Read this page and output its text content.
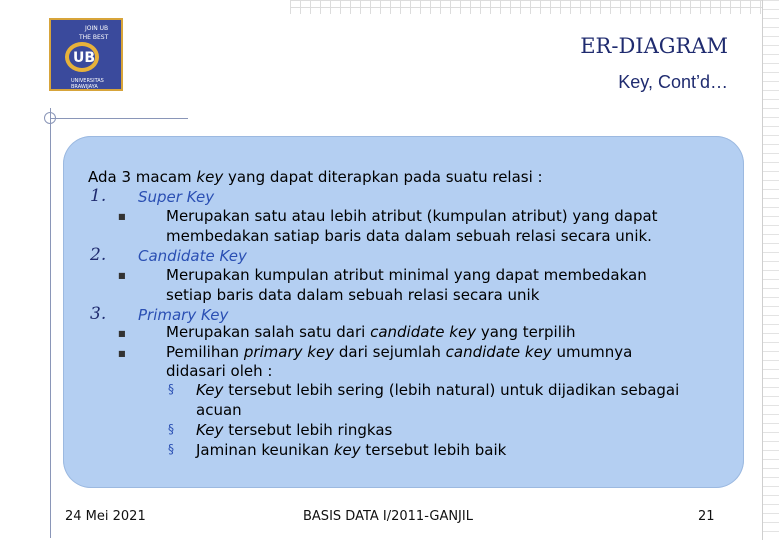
JOIN UB
THE BEST
UB
UNIVERSITAS BRAWIJAYA
ER-DIAGRAM
Key, Cont’d…
Ada 3 macam key yang dapat diterapkan pada suatu relasi :
1. Super Key
■	Merupakan satu atau lebih atribut (kumpulan atribut) yang dapat
membedakan satiap baris data dalam sebuah relasi secara unik.
2. Candidate Key
■	Merupakan kumpulan atribut minimal yang dapat membedakan
setiap baris data dalam sebuah relasi secara unik
3. Primary Key
■	Merupakan salah satu dari candidate key yang terpilih
■	Pemilihan primary key dari sejumlah candidate key umumnya
didasari oleh :
§ Key tersebut lebih sering (lebih natural) untuk dijadikan sebagai
acuan
§ Key tersebut lebih ringkas
§ Jaminan keunikan key tersebut lebih baik
24 Mei 2021	BASIS DATA I/2011-GANJIL	21
